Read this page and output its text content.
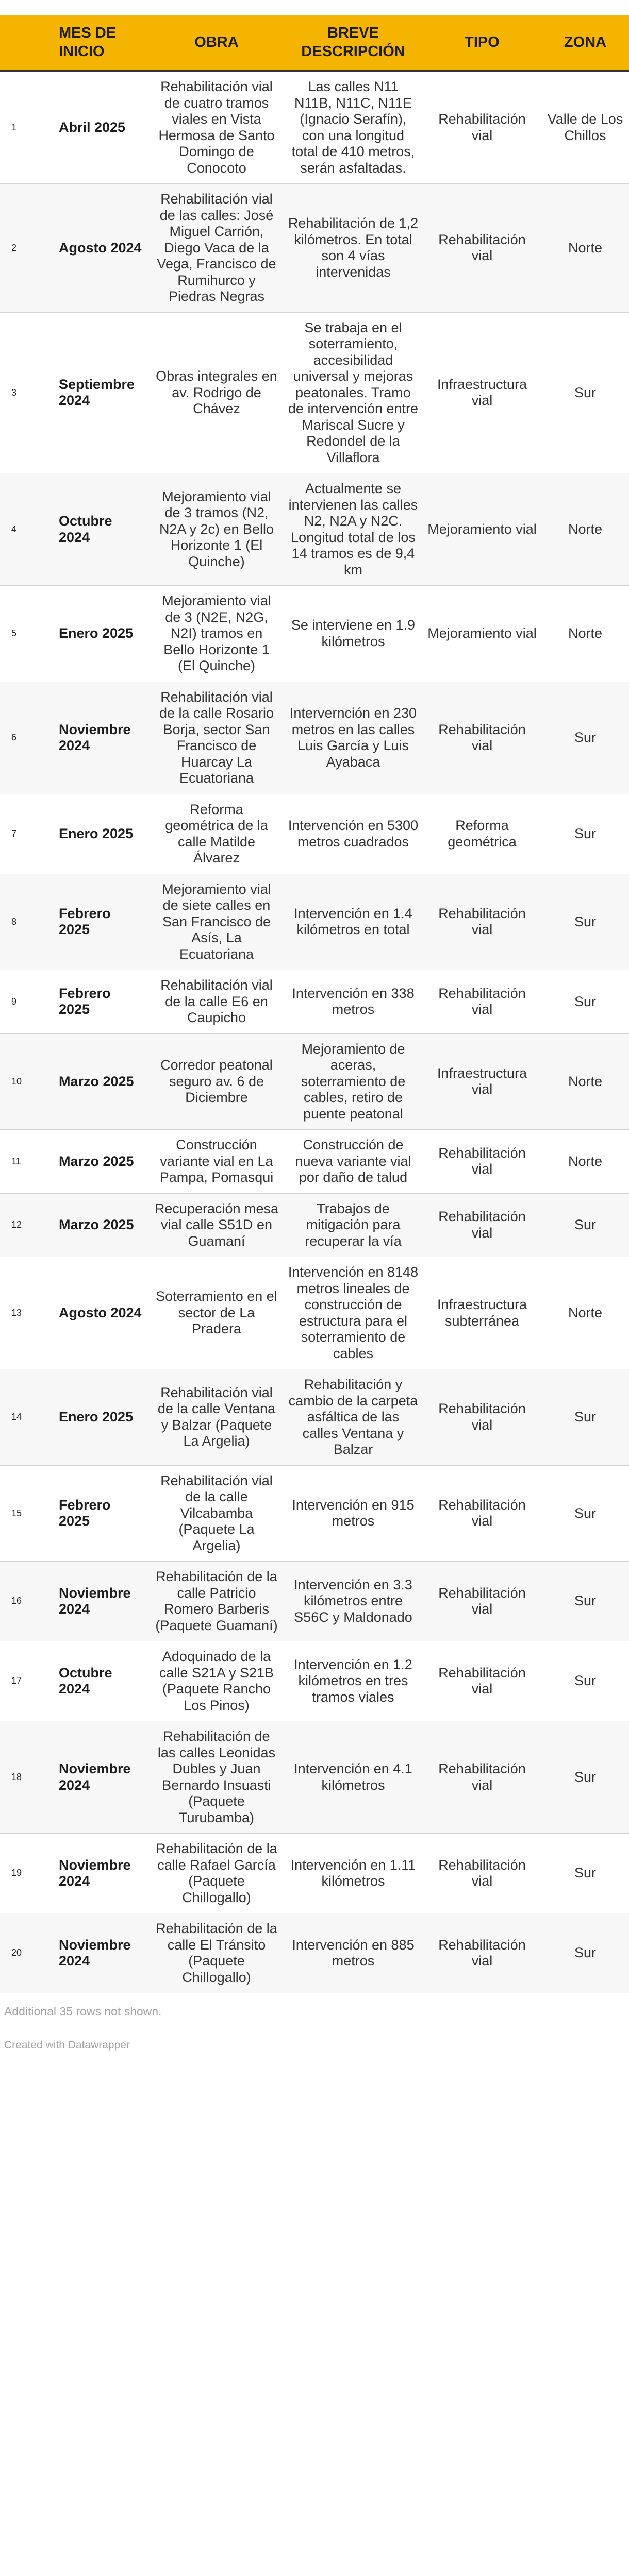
	MES DE INICIO	OBRA	BREVE DESCRIPCIÓN	TIPO	ZONA
1	Abril 2025	Rehabilitación vial de cuatro tramos viales en Vista Hermosa de Santo Domingo de Conocoto	Las calles N11 N11B, N11C, N11E (Ignacio Serafín), con una longitud total de 410 metros, serán asfaltadas.	Rehabilitación vial	Valle de Los Chillos
2	Agosto 2024	Rehabilitación vial de las calles: José Miguel Carrión, Diego Vaca de la Vega, Francisco de Rumihurco y Piedras Negras	Rehabilitación de 1,2 kilómetros. En total son 4 vías intervenidas	Rehabilitación vial	Norte
3	Septiembre 2024	Obras integrales en av. Rodrigo de Chávez	Se trabaja en el soterramiento, accesibilidad universal y mejoras peatonales. Tramo de intervención entre Mariscal Sucre y Redondel de la Villaflora	Infraestructura vial	Sur
4	Octubre 2024	Mejoramiento vial de 3 tramos (N2, N2A y 2c) en Bello Horizonte 1 (El Quinche)	Actualmente se intervienen las calles N2, N2A y N2C. Longitud total de los 14 tramos es de 9,4 km	Mejoramiento vial	Norte
5	Enero 2025	Mejoramiento vial de 3 (N2E, N2G, N2I) tramos en Bello Horizonte 1 (El Quinche)	Se interviene en 1.9 kilómetros	Mejoramiento vial	Norte
6	Noviembre 2024	Rehabilitación vial de la calle Rosario Borja, sector San Francisco de Huarcay La Ecuatoriana	Intervernción en 230 metros en las calles Luis García y Luis Ayabaca	Rehabilitación vial	Sur
7	Enero 2025	Reforma geométrica de la calle Matilde Álvarez	Intervención en 5300 metros cuadrados	Reforma geométrica	Sur
8	Febrero 2025	Mejoramiento vial de siete calles en San Francisco de Asís, La Ecuatoriana	Intervención en 1.4 kilómetros en total	Rehabilitación vial	Sur
9	Febrero 2025	Rehabilitación vial de la calle E6 en Caupicho	Intervención en 338 metros	Rehabilitación vial	Sur
10	Marzo 2025	Corredor peatonal seguro av. 6 de Diciembre	Mejoramiento de aceras, soterramiento de cables, retiro de puente peatonal	Infraestructura vial	Norte
11	Marzo 2025	Construcción variante vial en La Pampa, Pomasqui	Construcción de nueva variante vial por daño de talud	Rehabilitación vial	Norte
12	Marzo 2025	Recuperación mesa vial calle S51D en Guamaní	Trabajos de mitigación para recuperar la vía	Rehabilitación vial	Sur
13	Agosto 2024	Soterramiento en el sector de La Pradera	Intervención en 8148 metros lineales de construcción de estructura para el soterramiento de cables	Infraestructura subterránea	Norte
14	Enero 2025	Rehabilitación vial de la calle Ventana y Balzar (Paquete La Argelia)	Rehabilitación y cambio de la carpeta asfáltica de las calles Ventana y Balzar	Rehabilitación vial	Sur
15	Febrero 2025	Rehabilitación vial de la calle Vilcabamba (Paquete La Argelia)	Intervención en 915 metros	Rehabilitación vial	Sur
16	Noviembre 2024	Rehabilitación de la calle Patricio Romero Barberis (Paquete Guamaní)	Intervención en 3.3 kilómetros entre S56C y Maldonado	Rehabilitación vial	Sur
17	Octubre 2024	Adoquinado de la calle S21A y S21B (Paquete Rancho Los Pinos)	Intervención en 1.2 kilómetros en tres tramos viales	Rehabilitación vial	Sur
18	Noviembre 2024	Rehabilitación de las calles Leonidas Dubles y Juan Bernardo Insuasti (Paquete Turubamba)	Intervención en 4.1 kilómetros	Rehabilitación vial	Sur
19	Noviembre 2024	Rehabilitación de la calle Rafael García (Paquete Chillogallo)	Intervención en 1.11 kilómetros	Rehabilitación vial	Sur
20	Noviembre 2024	Rehabilitación de la calle El Tránsito (Paquete Chillogallo)	Intervención en 885 metros	Rehabilitación vial	Sur
Additional 35 rows not shown.
Created with Datawrapper
